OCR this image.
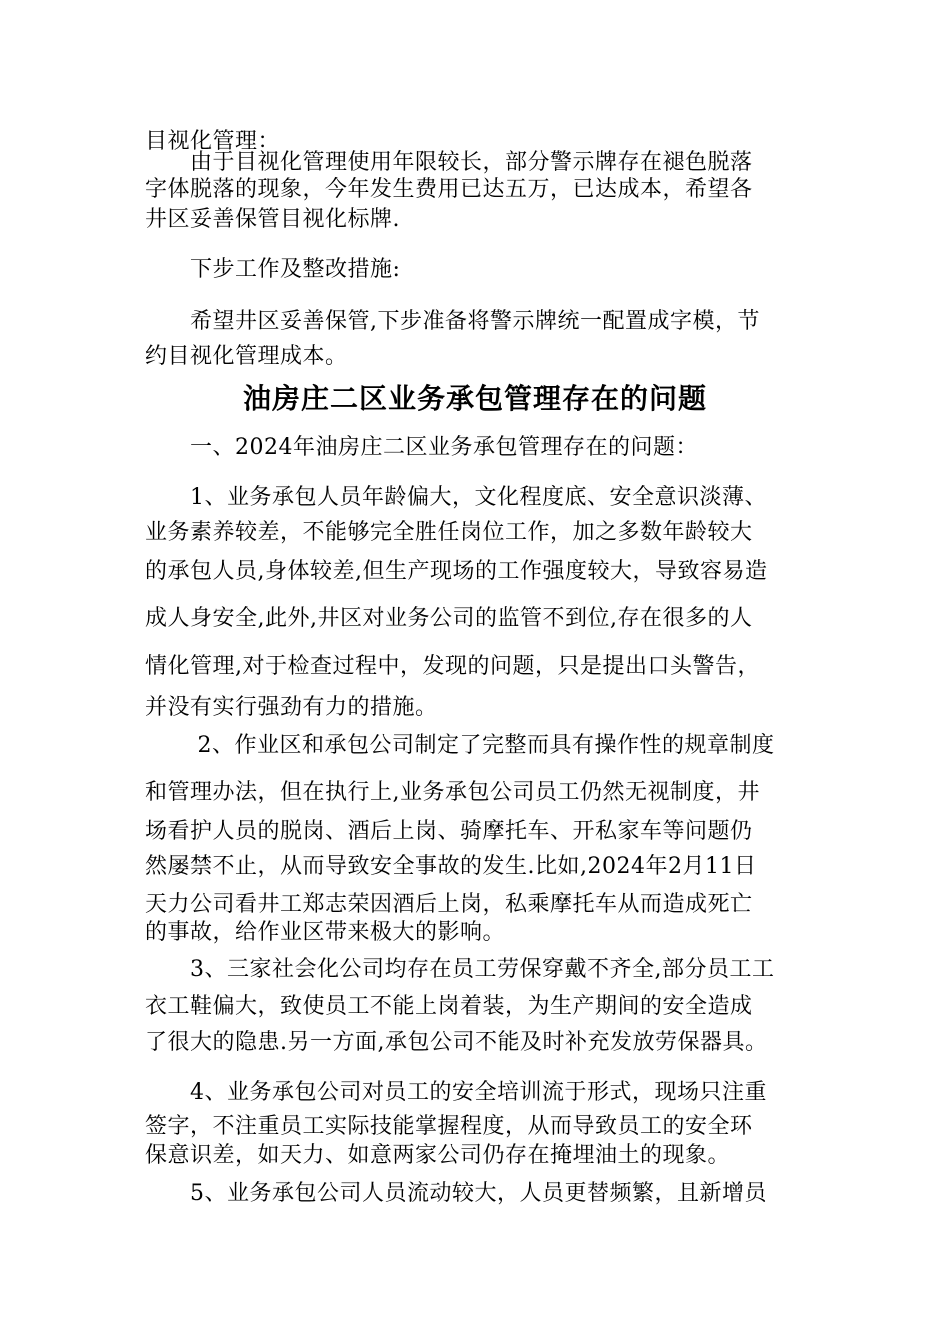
目视化管理：
　　由于目视化管理使用年限较长，部分警示牌存在褪色脱落
字体脱落的现象，今年发生费用已达五万，已达成本，希望各
井区妥善保管目视化标牌.
　　下步工作及整改措施:
　　希望井区妥善保管,下步准备将警示牌统一配置成字模，节
约目视化管理成本。
油房庄二区业务承包管理存在的问题
　　一、2024年油房庄二区业务承包管理存在的问题：
　　1、业务承包人员年龄偏大，文化程度底、安全意识淡薄、
业务素养较差，不能够完全胜任岗位工作，加之多数年龄较大
的承包人员,身体较差,但生产现场的工作强度较大，导致容易造
成人身安全,此外,井区对业务公司的监管不到位,存在很多的人
情化管理,对于检查过程中，发现的问题，只是提出口头警告，
并没有实行强劲有力的措施。
　　 2、作业区和承包公司制定了完整而具有操作性的规章制度
和管理办法，但在执行上,业务承包公司员工仍然无视制度，井
场看护人员的脱岗、酒后上岗、骑摩托车、开私家车等问题仍
然屡禁不止，从而导致安全事故的发生.比如,2024年2月11日
天力公司看井工郑志荣因酒后上岗，私乘摩托车从而造成死亡
的事故，给作业区带来极大的影响。
　　3、三家社会化公司均存在员工劳保穿戴不齐全,部分员工工
衣工鞋偏大，致使员工不能上岗着装，为生产期间的安全造成
了很大的隐患.另一方面,承包公司不能及时补充发放劳保器具。
　　4、业务承包公司对员工的安全培训流于形式，现场只注重
签字，不注重员工实际技能掌握程度，从而导致员工的安全环
保意识差，如天力、如意两家公司仍存在掩埋油土的现象。
　　5、业务承包公司人员流动较大，人员更替频繁，且新增员
